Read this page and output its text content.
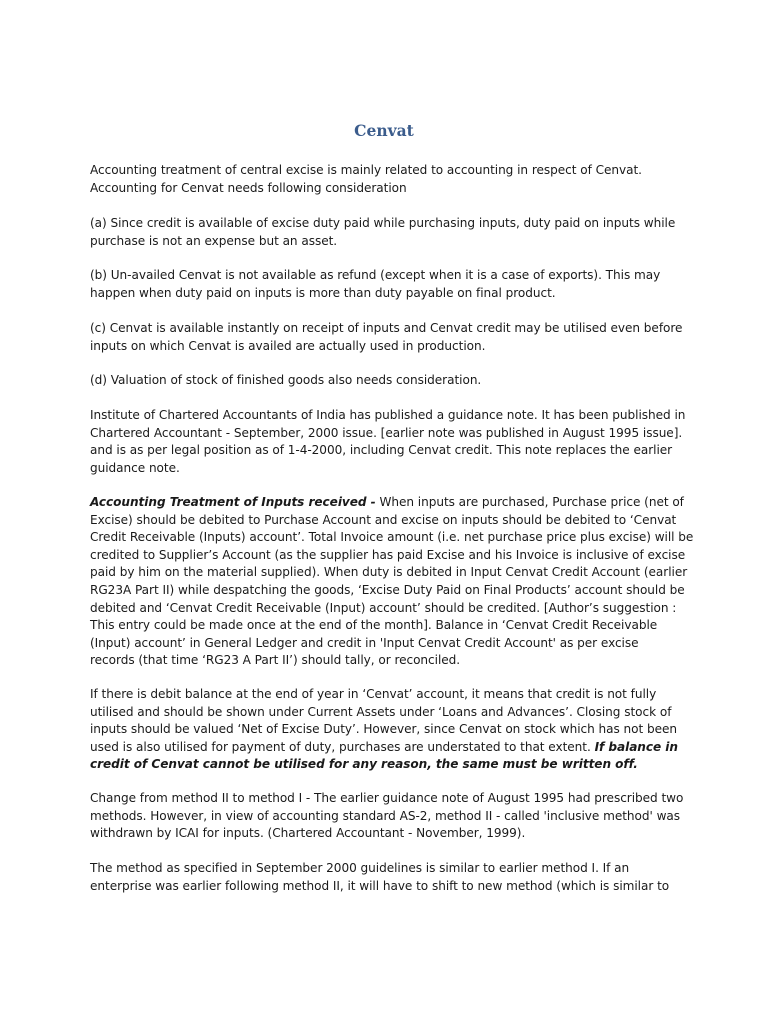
Cenvat

Accounting treatment of central excise is mainly related to accounting in respect of Cenvat.
Accounting for Cenvat needs following consideration

(a) Since credit is available of excise duty paid while purchasing inputs, duty paid on inputs while
purchase is not an expense but an asset.

(b) Un-availed Cenvat is not available as refund (except when it is a case of exports). This may
happen when duty paid on inputs is more than duty payable on final product.

(c) Cenvat is available instantly on receipt of inputs and Cenvat credit may be utilised even before
inputs on which Cenvat is availed are actually used in production.

(d) Valuation of stock of finished goods also needs consideration.

Institute of Chartered Accountants of India has published a guidance note. It has been published in
Chartered Accountant - September, 2000 issue. [earlier note was published in August 1995 issue].
and is as per legal position as of 1-4-2000, including Cenvat credit. This note replaces the earlier
guidance note.

Accounting Treatment of Inputs received - When inputs are purchased, Purchase price (net of
Excise) should be debited to Purchase Account and excise on inputs should be debited to ‘Cenvat
Credit Receivable (Inputs) account’. Total Invoice amount (i.e. net purchase price plus excise) will be
credited to Supplier’s Account (as the supplier has paid Excise and his Invoice is inclusive of excise
paid by him on the material supplied). When duty is debited in Input Cenvat Credit Account (earlier
RG23A Part II) while despatching the goods, ‘Excise Duty Paid on Final Products’ account should be
debited and ‘Cenvat Credit Receivable (Input) account’ should be credited. [Author’s suggestion :
This entry could be made once at the end of the month]. Balance in ‘Cenvat Credit Receivable
(Input) account’ in General Ledger and credit in 'Input Cenvat Credit Account' as per excise
records (that time ‘RG23 A Part II’) should tally, or reconciled.

If there is debit balance at the end of year in ‘Cenvat’ account, it means that credit is not fully
utilised and should be shown under Current Assets under ‘Loans and Advances’. Closing stock of
inputs should be valued ‘Net of Excise Duty’. However, since Cenvat on stock which has not been
used is also utilised for payment of duty, purchases are understated to that extent. If balance in
credit of Cenvat cannot be utilised for any reason, the same must be written off.

Change from method II to method I - The earlier guidance note of August 1995 had prescribed two
methods. However, in view of accounting standard AS-2, method II - called 'inclusive method' was
withdrawn by ICAI for inputs. (Chartered Accountant - November, 1999).

The method as specified in September 2000 guidelines is similar to earlier method I. If an
enterprise was earlier following method II, it will have to shift to new method (which is similar to
